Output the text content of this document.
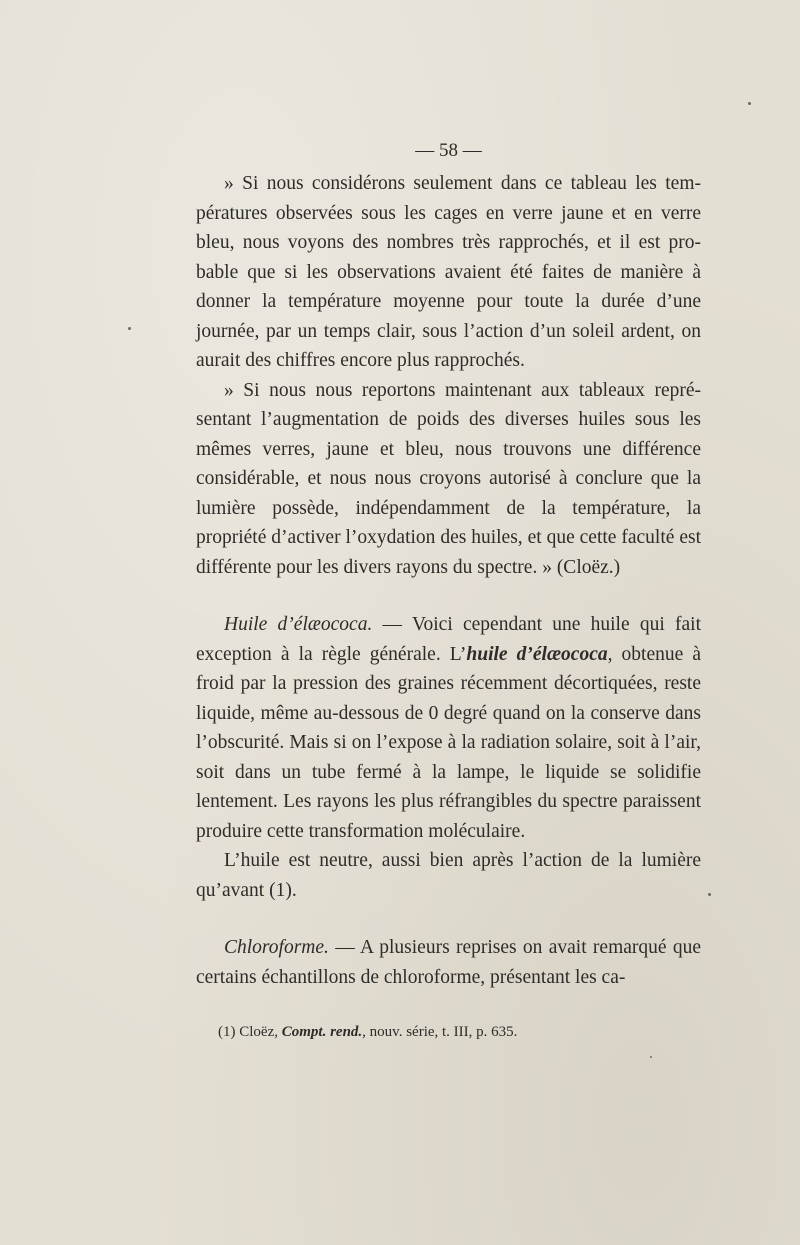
— 58 —

» Si nous considérons seulement dans ce tableau les températures observées sous les cages en verre jaune et en verre bleu, nous voyons des nombres très rapprochés, et il est probable que si les observations avaient été faites de manière à donner la température moyenne pour toute la durée d’une journée, par un temps clair, sous l’action d’un soleil ardent, on aurait des chiffres encore plus rapprochés.

» Si nous nous reportons maintenant aux tableaux représentant l’augmentation de poids des diverses huiles sous les mêmes verres, jaune et bleu, nous trouvons une différence considérable, et nous nous croyons autorisé à conclure que la lumière possède, indépendamment de la température, la propriété d’activer l’oxydation des huiles, et que cette faculté est différente pour les divers rayons du spectre. » (Cloëz.)

Huile d’élæococa. — Voici cependant une huile qui fait exception à la règle générale. L’huile d’élæococa, obtenue à froid par la pression des graines récemment décortiquées, reste liquide, même au-dessous de 0 degré quand on la conserve dans l’obscurité. Mais si on l’expose à la radiation solaire, soit à l’air, soit dans un tube fermé à la lampe, le liquide se solidifie lentement. Les rayons les plus réfrangibles du spectre paraissent produire cette transformation moléculaire.

L’huile est neutre, aussi bien après l’action de la lumière qu’avant (1).

Chloroforme. — A plusieurs reprises on avait remarqué que certains échantillons de chloroforme, présentant les ca-

(1) Cloëz, Compt. rend., nouv. série, t. III, p. 635.
